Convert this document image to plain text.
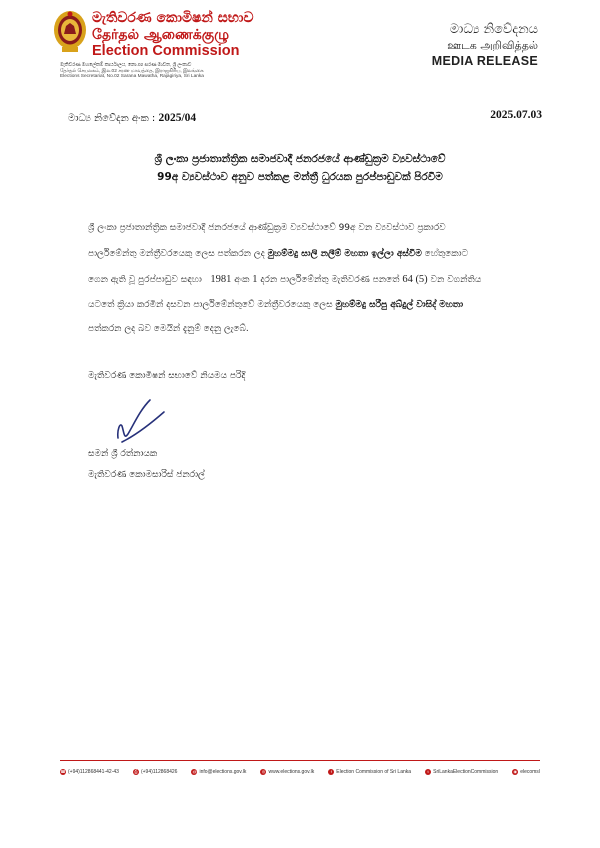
මැතිවරණ කොමිෂන් සභාව
தேர்தல் ஆணைக்குழு
Election Commission
මැතිවරණ මහලේකම් කාර්යාලය, නො.02 සරණ මාවත, ශ්‍රී ලංකාව
தேர்தல் செயலகம், இல.02 சரண மாவத்தை, இராஜகிரிய, இலங்கை
Elections Secretariat, No.02 Sarana Mawatha, Rajagiriya, Sri Lanka
මාධ්‍ය නිවේදනය
ஊடக அறிவித்தல்
MEDIA RELEASE
මාධ්‍ය නිවේදන අංක : 2025/04	2025.07.03
ශ්‍රී ලංකා ප්‍රජාතාන්ත්‍රික සමාජවාදී ජනරජයේ ආණ්ඩුක්‍රම ව්‍යවස්ථාවේ
99අ ව්‍යවස්ථාව අනුව පත්කළ මන්ත්‍රී ධුරයක පුරප්පාඩුවක් පිරවීම
ශ්‍රී ලංකා ප්‍රජාතාන්ත්‍රික සමාජවාදී ජනරජයේ ආණ්ඩුක්‍රම ව්‍යවස්ථාවේ 99අ වන ව්‍යවස්ථාව ප්‍රකාරව
පාර්ලිමේන්තු මන්ත්‍රීවරයෙකු ලෙස පත්කරන ලද මුහම්මදු සාලි නලීම් මහතා ඉල්ලා අස්වීම හේතුකොට
ගෙන ඇති වූ පුරප්පාඩුව සඳහා 1981 අංක 1 දරන පාර්ලිමේන්තු මැතිවරණ පනතේ 64 (5) වන වගන්තිය
යටතේ ක්‍රියා කරමින් දසවන පාර්ලිමේන්තුවේ මන්ත්‍රීවරයෙකු ලෙස මුහම්මදු සරීපු අබ්දුල් වාසිද් මහතා
පත්කරන ලද බව මෙයින් දැනුම් දෙනු ලැබේ.
මැතිවරණ කොමිෂන් සභාවේ නියමය පරිදි
සමන් ශ්‍රී රත්නායක
මැතිවරණ කොමසාරිස් ජනරාල්
☎ (+94)112868441-42-43	⎙ (+94)112868426	@ info@elections.gov.lk	◎ www.elections.gov.lk	f Election Commission of Sri Lanka	t SriLankaElectionCommission	◉ elecomsl
